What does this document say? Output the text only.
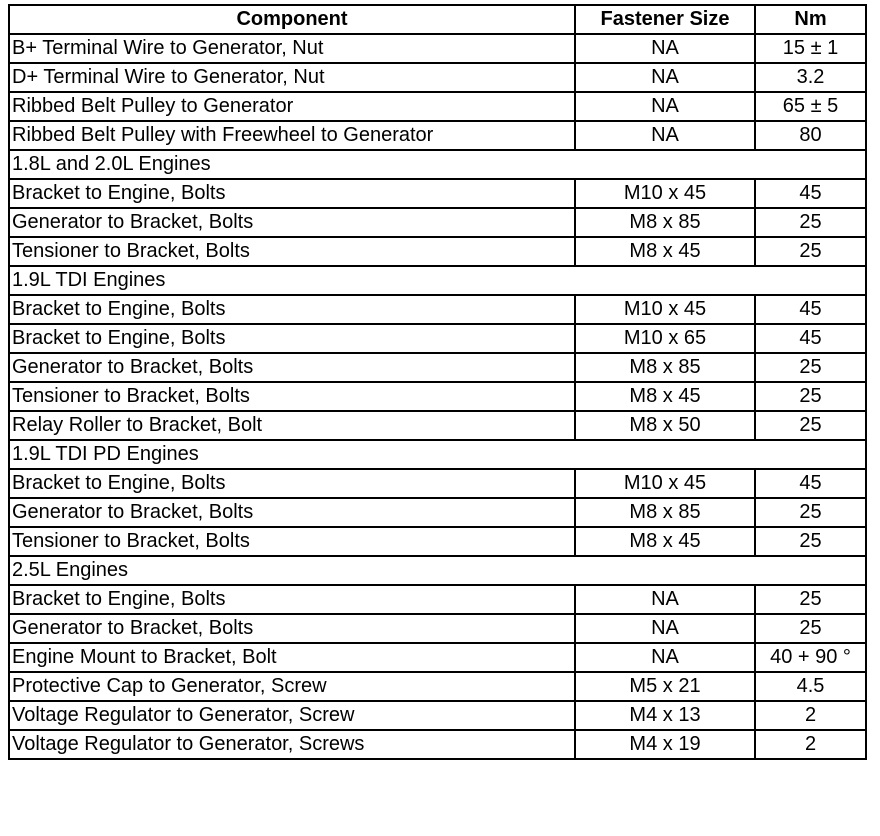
Component	Fastener Size	Nm
B+ Terminal Wire to Generator, Nut	NA	15 ± 1
D+ Terminal Wire to Generator, Nut	NA	3.2
Ribbed Belt Pulley to Generator	NA	65 ± 5
Ribbed Belt Pulley with Freewheel to Generator	NA	80
1.8L and 2.0L Engines		
Bracket to Engine, Bolts	M10 x 45	45
Generator to Bracket, Bolts	M8 x 85	25
Tensioner to Bracket, Bolts	M8 x 45	25
1.9L TDI Engines		
Bracket to Engine, Bolts	M10 x 45	45
Bracket to Engine, Bolts	M10 x 65	45
Generator to Bracket, Bolts	M8 x 85	25
Tensioner to Bracket, Bolts	M8 x 45	25
Relay Roller to Bracket, Bolt	M8 x 50	25
1.9L TDI PD Engines		
Bracket to Engine, Bolts	M10 x 45	45
Generator to Bracket, Bolts	M8 x 85	25
Tensioner to Bracket, Bolts	M8 x 45	25
2.5L Engines		
Bracket to Engine, Bolts	NA	25
Generator to Bracket, Bolts	NA	25
Engine Mount to Bracket, Bolt	NA	40 + 90 °
Protective Cap to Generator, Screw	M5 x 21	4.5
Voltage Regulator to Generator, Screw	M4 x 13	2
Voltage Regulator to Generator, Screws	M4 x 19	2
